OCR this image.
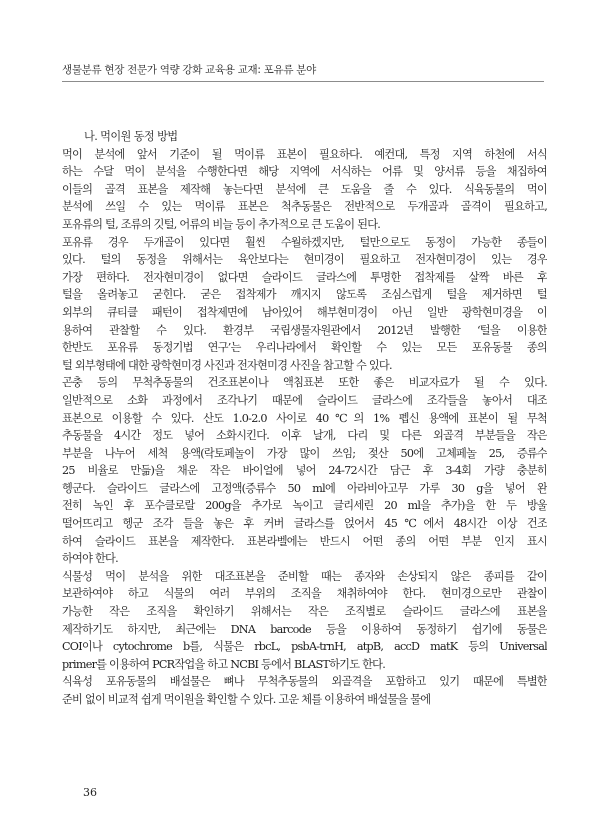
생물분류 현장 전문가 역량 강화 교육용 교재: 포유류 분야

나. 먹이원 동정 방법

먹이 분석에 앞서 기준이 될 먹이류 표본이 필요하다. 예컨대, 특정 지역 하천에 서식
하는 수달 먹이 분석을 수행한다면 해당 지역에 서식하는 어류 및 양서류 등을 채집하여
이들의 골격 표본을 제작해 놓는다면 분석에 큰 도움을 줄 수 있다. 식육동물의 먹이
분석에 쓰일 수 있는 먹이류 표본은 척추동물은 전반적으로 두개골과 골격이 필요하고,
포유류의 털, 조류의 깃털, 어류의 비늘 등이 추가적으로 큰 도움이 된다.
포유류 경우 두개골이 있다면 훨씬 수월하겠지만, 털만으로도 동정이 가능한 종들이
있다. 털의 동정을 위해서는 육안보다는 현미경이 필요하고 전자현미경이 있는 경우
가장 편하다. 전자현미경이 없다면 슬라이드 글라스에 투명한 접착제를 살짝 바른 후
털을 올려놓고 굳힌다. 굳은 접착제가 깨지지 않도록 조심스럽게 털을 제거하면 털
외부의 큐티클 패턴이 접착제면에 남아있어 해부현미경이 아닌 일반 광학현미경을 이
용하여 관찰할 수 있다. 환경부 국립생물자원관에서 2012년 발행한 ‘털을 이용한
한반도 포유류 동정기법 연구’는 우리나라에서 확인할 수 있는 모든 포유동물 종의
털 외부형태에 대한 광학현미경 사진과 전자현미경 사진을 참고할 수 있다.
곤충 등의 무척추동물의 건조표본이나 액침표본 또한 좋은 비교자료가 될 수 있다.
일반적으로 소화 과정에서 조각나기 때문에 슬라이드 글라스에 조각들을 놓아서 대조
표본으로 이용할 수 있다. 산도 1.0-2.0 사이로 40℃의 1% 펩신 용액에 표본이 될 무척
추동물을 4시간 정도 넣어 소화시킨다. 이후 날개, 다리 및 다른 외골격 부분들을 작은
부분을 나누어 세척 용액(락토페놀이 가장 많이 쓰임; 젖산 50에 고체페놀 25, 증류수
25 비율로 만듦)을 채운 작은 바이얼에 넣어 24-72시간 담근 후 3-4회 가량 충분히
헹군다. 슬라이드 글라스에 고정액(증류수 50 ml에 아라비아고무 가루 30 g을 넣어 완
전히 녹인 후 포수클로랄 200g을 추가로 녹이고 글리세린 20 ml을 추가)을 한 두 방울
떨어뜨리고 헹군 조각 들을 놓은 후 커버 글라스를 얹어서 45℃에서 48시간 이상 건조
하여 슬라이드 표본을 제작한다. 표본라벨에는 반드시 어떤 종의 어떤 부분 인지 표시
하여야 한다.
식물성 먹이 분석을 위한 대조표본을 준비할 때는 종자와 손상되지 않은 종피를 같이
보관하여야 하고 식물의 여러 부위의 조직을 채취하여야 한다. 현미경으로만 관찰이
가능한 작은 조직을 확인하기 위해서는 작은 조직별로 슬라이드 글라스에 표본을
제작하기도 하지만, 최근에는 DNA barcode 등을 이용하여 동정하기 쉽기에 동물은
COI이나 cytochrome b를, 식물은 rbcL, psbA-trnH, atpB, accD matK 등의 Universal
primer를 이용하여 PCR작업을 하고 NCBI 등에서 BLAST하기도 한다.
식육성 포유동물의 배설물은 뼈나 무척추동물의 외골격을 포함하고 있기 때문에 특별한
준비 없이 비교적 쉽게 먹이원을 확인할 수 있다. 고운 체를 이용하여 배설물을 물에
36
